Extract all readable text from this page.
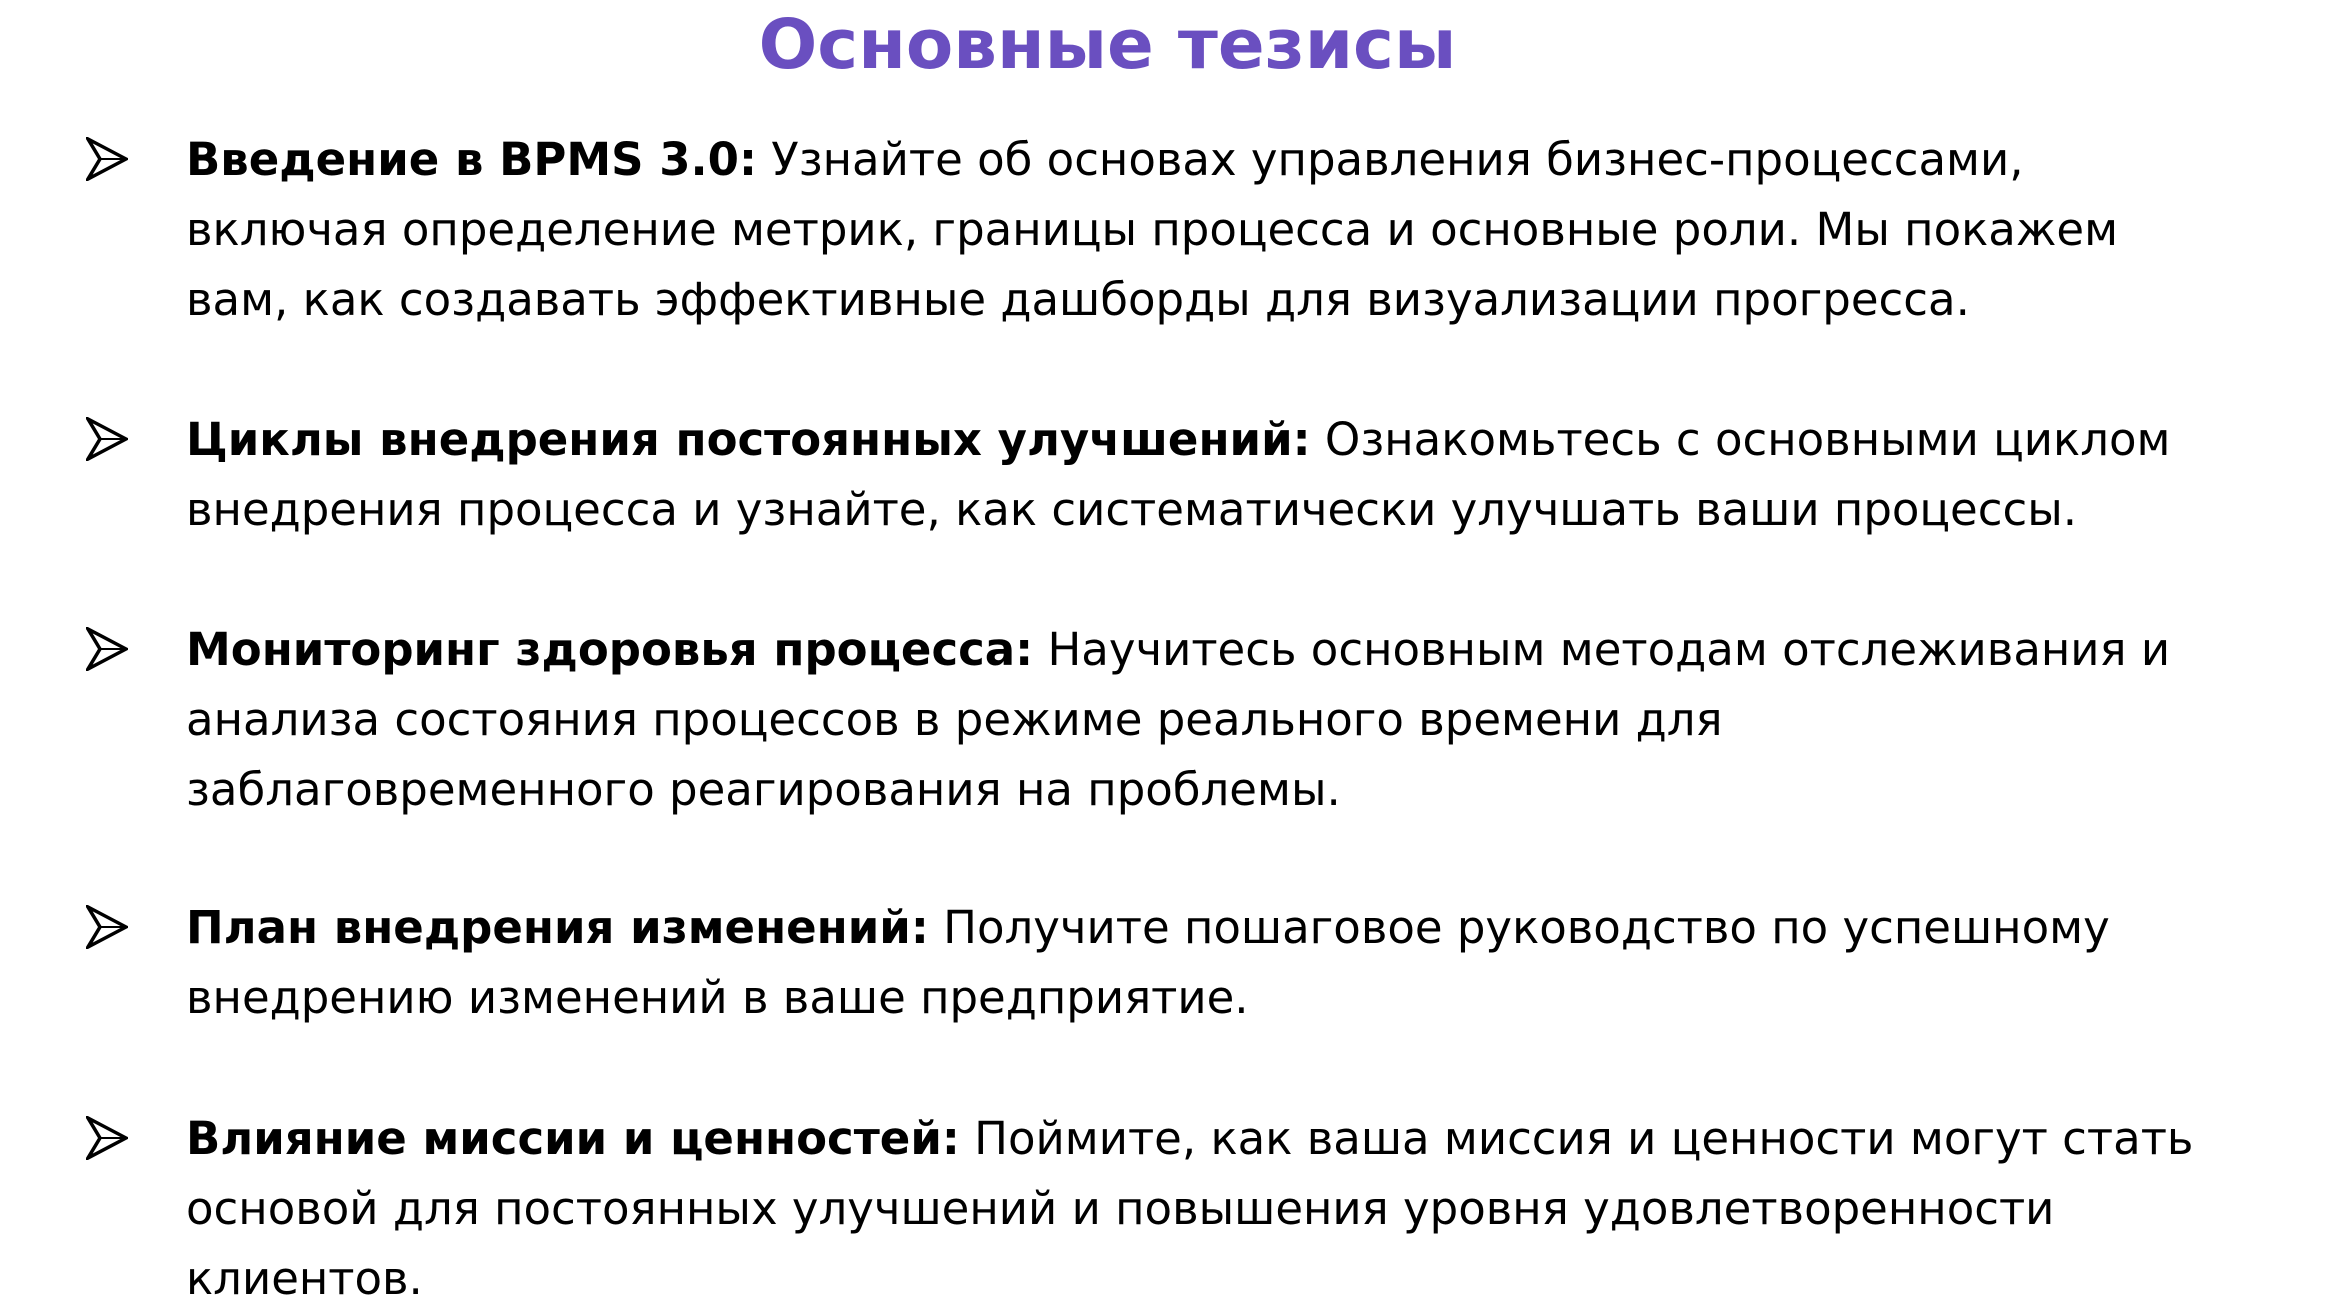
Основные тезисы
Введение в BPMS 3.0: Узнайте об основах управления бизнес-процессами,
включая определение метрик, границы процесса и основные роли. Мы покажем
вам, как создавать эффективные дашборды для визуализации прогресса.
Циклы внедрения постоянных улучшений: Ознакомьтесь с основными циклом
внедрения процесса и узнайте, как систематически улучшать ваши процессы.
Мониторинг здоровья процесса: Научитесь основным методам отслеживания и
анализа состояния процессов в режиме реального времени для
заблаговременного реагирования на проблемы.
План внедрения изменений: Получите пошаговое руководство по успешному
внедрению изменений в ваше предприятие.
Влияние миссии и ценностей: Поймите, как ваша миссия и ценности могут стать
основой для постоянных улучшений и повышения уровня удовлетворенности
клиентов.
